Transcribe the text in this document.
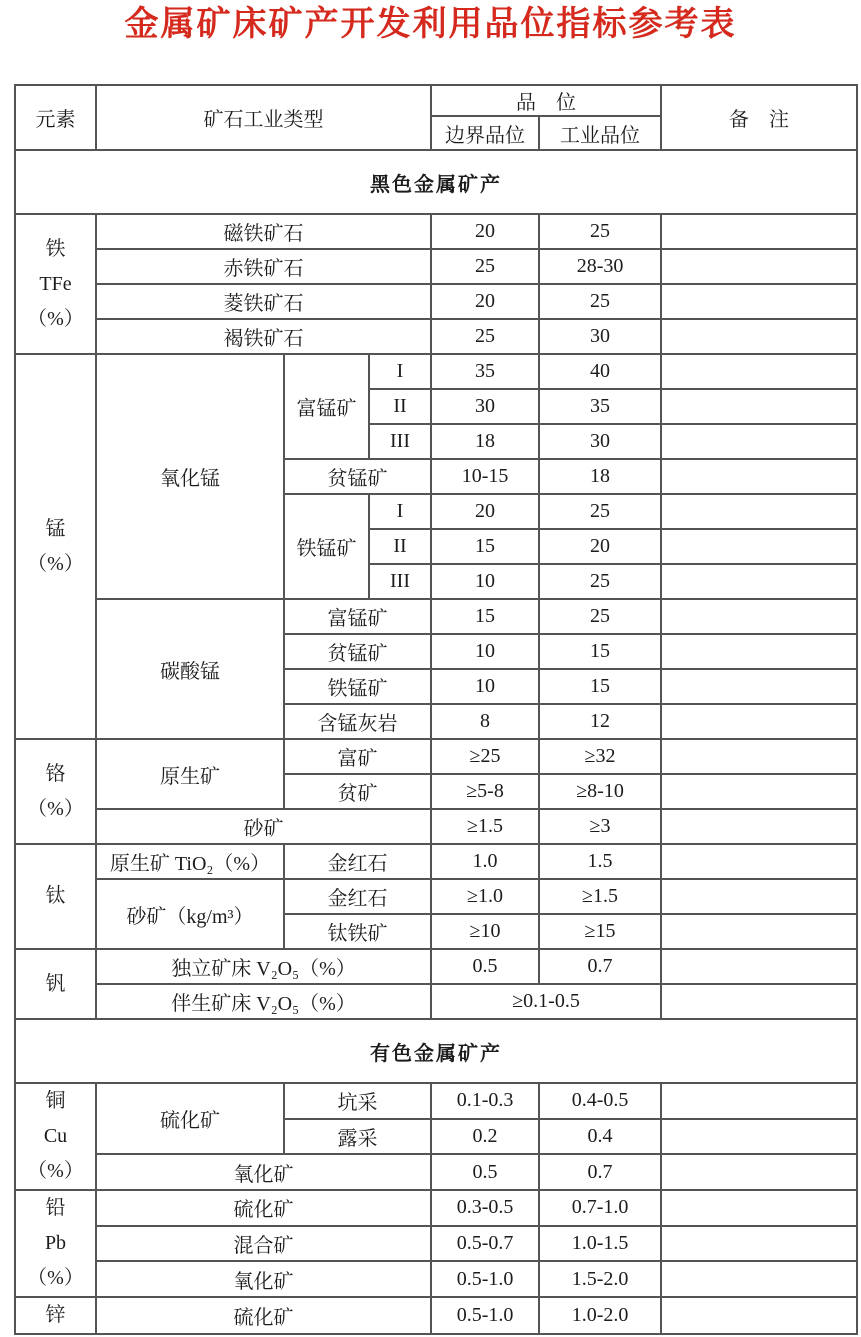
金属矿床矿产开发利用品位指标参考表
元素	矿石工业类型			品　位		备　注
				边界品位	工业品位	
黑色金属矿产						

铁
TFe
（%）	磁铁矿石			20	25	
	赤铁矿石			25	28-30	
	菱铁矿石			20	25	
	褐铁矿石			25	30	

锰
（%）	氧化锰	富锰矿	I	35	40	
			II	30	35	
			III	18	30	
		贫锰矿		10-15	18	
		铁锰矿	I	20	25	
			II	15	20	
			III	10	25	
	碳酸锰	富锰矿		15	25	
		贫锰矿		10	15	
		铁锰矿		10	15	
		含锰灰岩		8	12	

铬
（%）	原生矿	富矿		≥25	≥32	
		贫矿		≥5-8	≥8-10	
	砂矿			≥1.5	≥3	

钛	原生矿 TiO₂（%）	金红石		1.0	1.5	
	砂矿（kg/m³）	金红石		≥1.0	≥1.5	
		钛铁矿		≥10	≥15	

钒	独立矿床 V₂O₅（%）			0.5	0.7	
	伴生矿床 V₂O₅（%）			≥0.1-0.5		
有色金属矿产						

铜
Cu
（%）	硫化矿	坑采		0.1-0.3	0.4-0.5	
		露采		0.2	0.4	
	氧化矿			0.5	0.7	

铅
Pb
（%）	硫化矿			0.3-0.5	0.7-1.0	
	混合矿			0.5-0.7	1.0-1.5	
	氧化矿			0.5-1.0	1.5-2.0	

锌	硫化矿			0.5-1.0	1.0-2.0	
